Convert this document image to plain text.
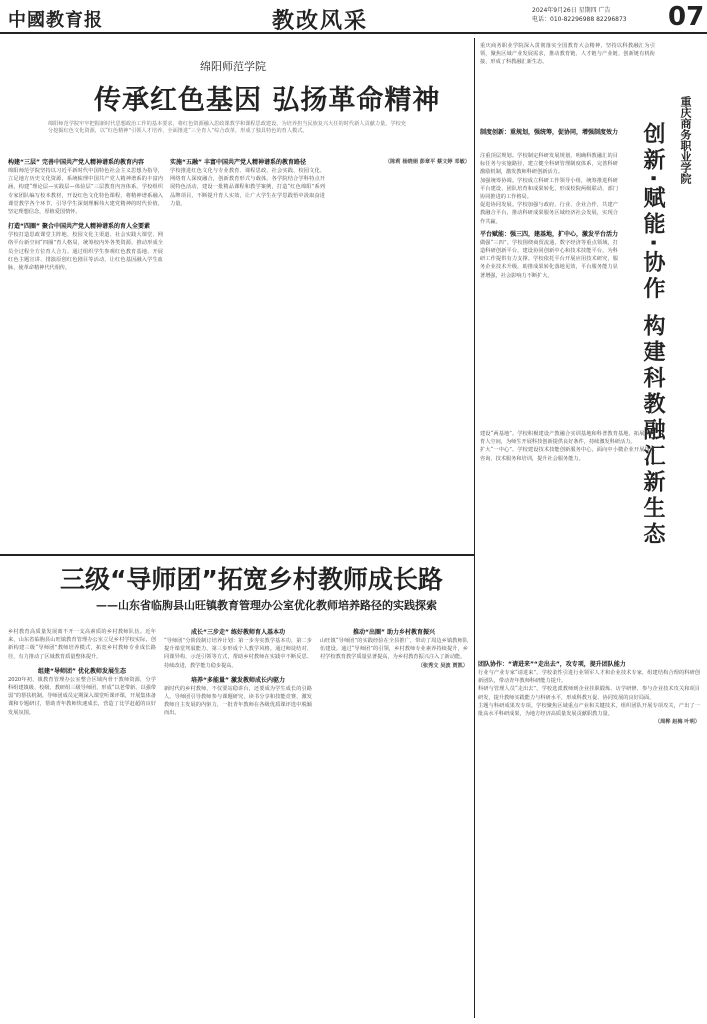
中國教育报	教改风采	2024年9月26日 星期四 广告
电话：010-82296988 82296873 07
绵阳师范学院
传承红色基因 弘扬革命精神
绵阳师范学院牢牢把握新时代思想政治工作的基本要求，将红色资源融入思政课教学和课程思政建设，为培养担当民族复兴大任的时代新人贡献力量。学校充分挖掘红色文化资源，以“红色精神”引领人才培养，全面推进“三全育人”综合改革，形成了独具特色的育人模式。
构建“三层” 完善中国共产党人精神谱系的教育内容

绵阳师范学院坚持以习近平新时代中国特色社会主义思想为指导，立足地方历史文化资源，系统梳理中国共产党人精神谱系的丰富内涵，构建“理论层—实践层—体验层”三层教育内容体系。学校组织专家团队编写校本教材，开设红色文化特色课程，将精神谱系融入课堂教学各个环节，引导学生深刻理解伟大建党精神的时代价值，坚定理想信念，厚植爱国情怀。

打造“四圈” 聚合中国共产党人精神谱系的育人全要素

学校打造思政课堂主阵地、校园文化主渠道、社会实践大课堂、网络平台新空间“四圈”育人格局，统筹校内外各类资源，推动形成全员全过程全方位育人合力。通过组织学生参观红色教育基地、开展红色主题宣讲、排演原创红色剧目等活动，让红色基因融入学生血脉，使革命精神代代相传。

实施“五融” 丰富中国共产党人精神谱系的教育路径

学校推进红色文化与专业教育、课程思政、社会实践、校园文化、网络育人深度融合，创新教育形式与载体。各学院结合学科特点开展特色活动，建设一批精品课程和教学案例，打造“红色绵阳”系列品牌项目，不断提升育人实效，让广大学生在学思践悟中汲取奋进力量。

（陈莉 杨晓娟 彭章平 蔡文婷 邓敏）

重庆商务职业学院深入贯彻落实全国教育大会精神，坚持以科教融汇为引领，聚焦区域产业发展需求，推动教育链、人才链与产业链、创新链有机衔接，形成了科教融汇新生态。
重庆商务职业学院
创新·赋能·协作 构建科教融汇新生态
制度创新：重规划，强统筹，促协同，增强制度效力

注重顶层规划。学校制定科研发展规划，明确科教融汇的目标任务与实施路径，建立健全科研管理制度体系，完善科研激励机制，激发教师科研创新活力。

加强统筹协调。学校成立科研工作领导小组，统筹推进科研平台建设、团队培育和成果转化，形成校院两级联动、部门协同推进的工作格局。

促进协同发展。学校加强与政府、行业、企业合作，共建产教融合平台，推动科研成果服务区域经济社会发展，实现合作共赢。

平台赋能：强三四，建基地，扩中心，激发平台活力

做强“三四”。学校围绕商贸流通、数字经济等重点领域，打造科研创新平台，建设协同创新中心和技术技能平台，为科研工作提供有力支撑。学校依托平台开展应用技术研究，服务企业技术升级，助推成果转化落地见效，平台服务能力显著增强，社会影响力不断扩大。

建设“两基地”。学校积极建设产教融合实训基地和科普教育基地，拓展实践育人空间，为师生开展科技创新提供良好条件，持续激发科研活力。

扩大“一中心”。学校建设技术技能创新服务中心，面向中小微企业开展技术咨询、技术服务和培训，提升社会服务能力。

团队协作：“请进来”“走出去”，攻专项，提升团队能力

行业与产业专家“请进来”。学校柔性引进行业领军人才和企业技术专家，组建结构合理的科研创新团队，带动青年教师科研能力提升。

科研与管理人员“走出去”。学校选派教师到企业挂职锻炼、访学研修，参与企业技术攻关和项目研发，提升教师实践能力与科研水平，形成科教互促、协同发展的良好局面。

主题与科研成果攻专项。学校聚焦区域重点产业和关键技术，组织团队开展专项攻关，产出了一批高水平科研成果，为地方经济高质量发展贡献职教力量。

（周桦 赵梅 叶明）

三级“导师团”拓宽乡村教师成长路
——山东省临朐县山旺镇教育管理办公室优化教师培养路径的实践探索

乡村教育高质量发展离不开一支高素质的乡村教师队伍。近年来，山东省临朐县山旺镇教育管理办公室立足乡村学校实际，创新构建三级“导师团”教师培养模式，拓宽乡村教师专业成长路径，有力推动了区域教育质量整体提升。

组建“导师团” 优化教师发展生态

2020年初，镇教育管理办公室整合区域内骨干教师资源，分学科组建镇级、校级、教研组三级导师团，形成“以老带新、以强带弱”的帮扶机制。导师团成员定期深入课堂听课评课，开展集体备课和专题研讨，帮助青年教师快速成长，营造了比学赶超的良好发展氛围。

成长“三步走” 练好教师育人基本功

“导师团”分阶段制订培养计划：第一步夯实教学基本功，第二步提升课堂驾驭能力，第三步形成个人教学风格。通过师徒结对、同课异构、示范引领等方式，帮助乡村教师在实践中不断反思、持续改进，教学能力稳步提高。

培养“多能量” 激发教师成长内驱力

新时代的乡村教师，不仅要站稳讲台，还要成为学生成长的引路人。导师团引导教师参与课题研究、读书分享和技能竞赛，激发教师自主发展的内驱力，一批青年教师在各级优质课评选中脱颖而出。

推动“出圈” 助力乡村教育振兴

山旺镇“导师团”的实践经验在全县推广，带动了周边乡镇教师队伍建设。通过“导师团”的引领，乡村教师专业素养持续提升，乡村学校教育教学质量显著提高，为乡村教育振兴注入了新动能。

（张秀文 吴波 贾凯）
